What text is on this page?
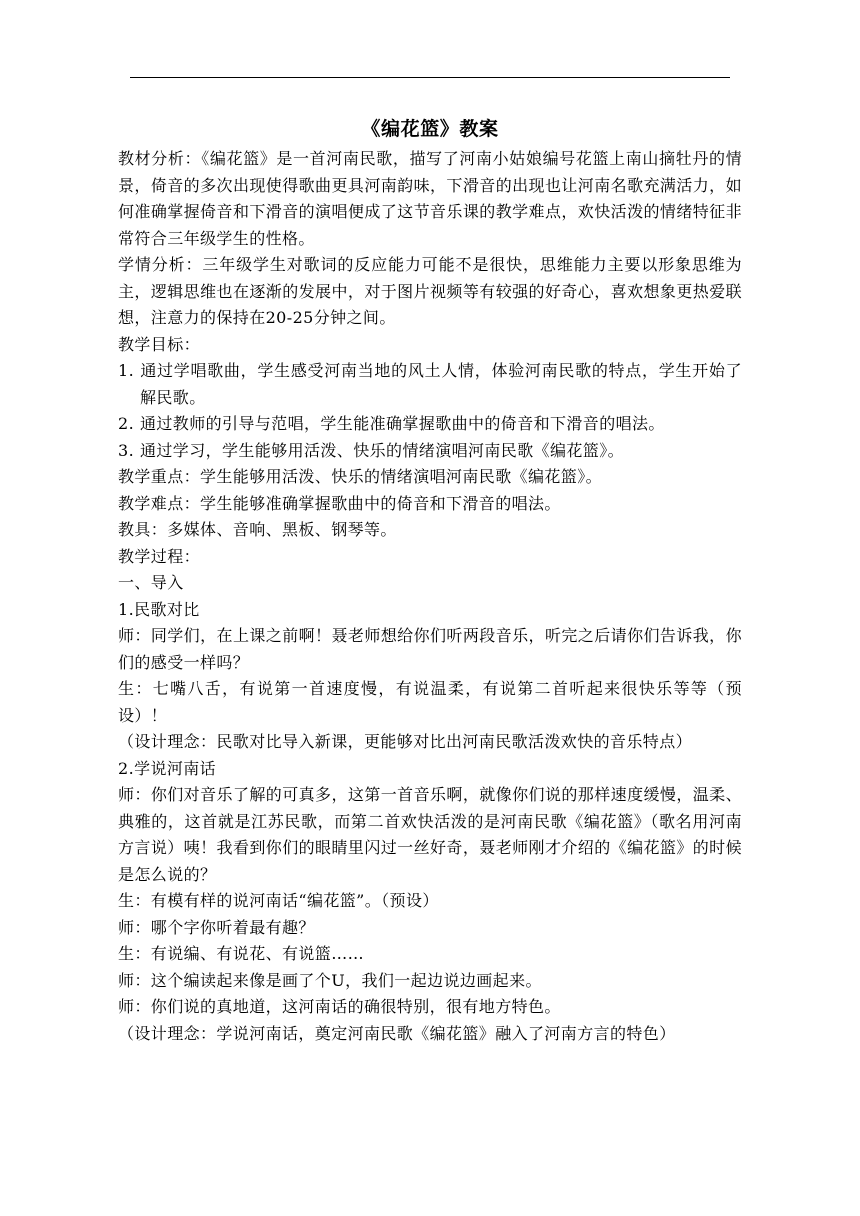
《编花篮》教案
教材分析：《编花篮》是一首河南民歌，描写了河南小姑娘编号花篮上南山摘牡丹的情景，倚音的多次出现使得歌曲更具河南韵味，下滑音的出现也让河南名歌充满活力，如何准确掌握倚音和下滑音的演唱便成了这节音乐课的教学难点，欢快活泼的情绪特征非常符合三年级学生的性格。
学情分析：三年级学生对歌词的反应能力可能不是很快，思维能力主要以形象思维为主，逻辑思维也在逐渐的发展中，对于图片视频等有较强的好奇心，喜欢想象更热爱联想，注意力的保持在20-25分钟之间。
教学目标：
1. 通过学唱歌曲，学生感受河南当地的风土人情，体验河南民歌的特点，学生开始了解民歌。
2. 通过教师的引导与范唱，学生能准确掌握歌曲中的倚音和下滑音的唱法。
3. 通过学习，学生能够用活泼、快乐的情绪演唱河南民歌《编花篮》。
教学重点：学生能够用活泼、快乐的情绪演唱河南民歌《编花篮》。
教学难点：学生能够准确掌握歌曲中的倚音和下滑音的唱法。
教具：多媒体、音响、黑板、钢琴等。
教学过程：
一、导入
1.民歌对比
师：同学们，在上课之前啊！聂老师想给你们听两段音乐，听完之后请你们告诉我，你们的感受一样吗？
生：七嘴八舌，有说第一首速度慢，有说温柔，有说第二首听起来很快乐等等（预设）！
（设计理念：民歌对比导入新课，更能够对比出河南民歌活泼欢快的音乐特点）
2.学说河南话
师：你们对音乐了解的可真多，这第一首音乐啊，就像你们说的那样速度缓慢，温柔、典雅的，这首就是江苏民歌，而第二首欢快活泼的是河南民歌《编花篮》（歌名用河南方言说）咦！我看到你们的眼睛里闪过一丝好奇，聂老师刚才介绍的《编花篮》的时候是怎么说的？
生：有模有样的说河南话“编花篮”。（预设）
师：哪个字你听着最有趣？
生：有说编、有说花、有说篮……
师：这个编读起来像是画了个U，我们一起边说边画起来。
师：你们说的真地道，这河南话的确很特别，很有地方特色。
（设计理念：学说河南话，奠定河南民歌《编花篮》融入了河南方言的特色）
